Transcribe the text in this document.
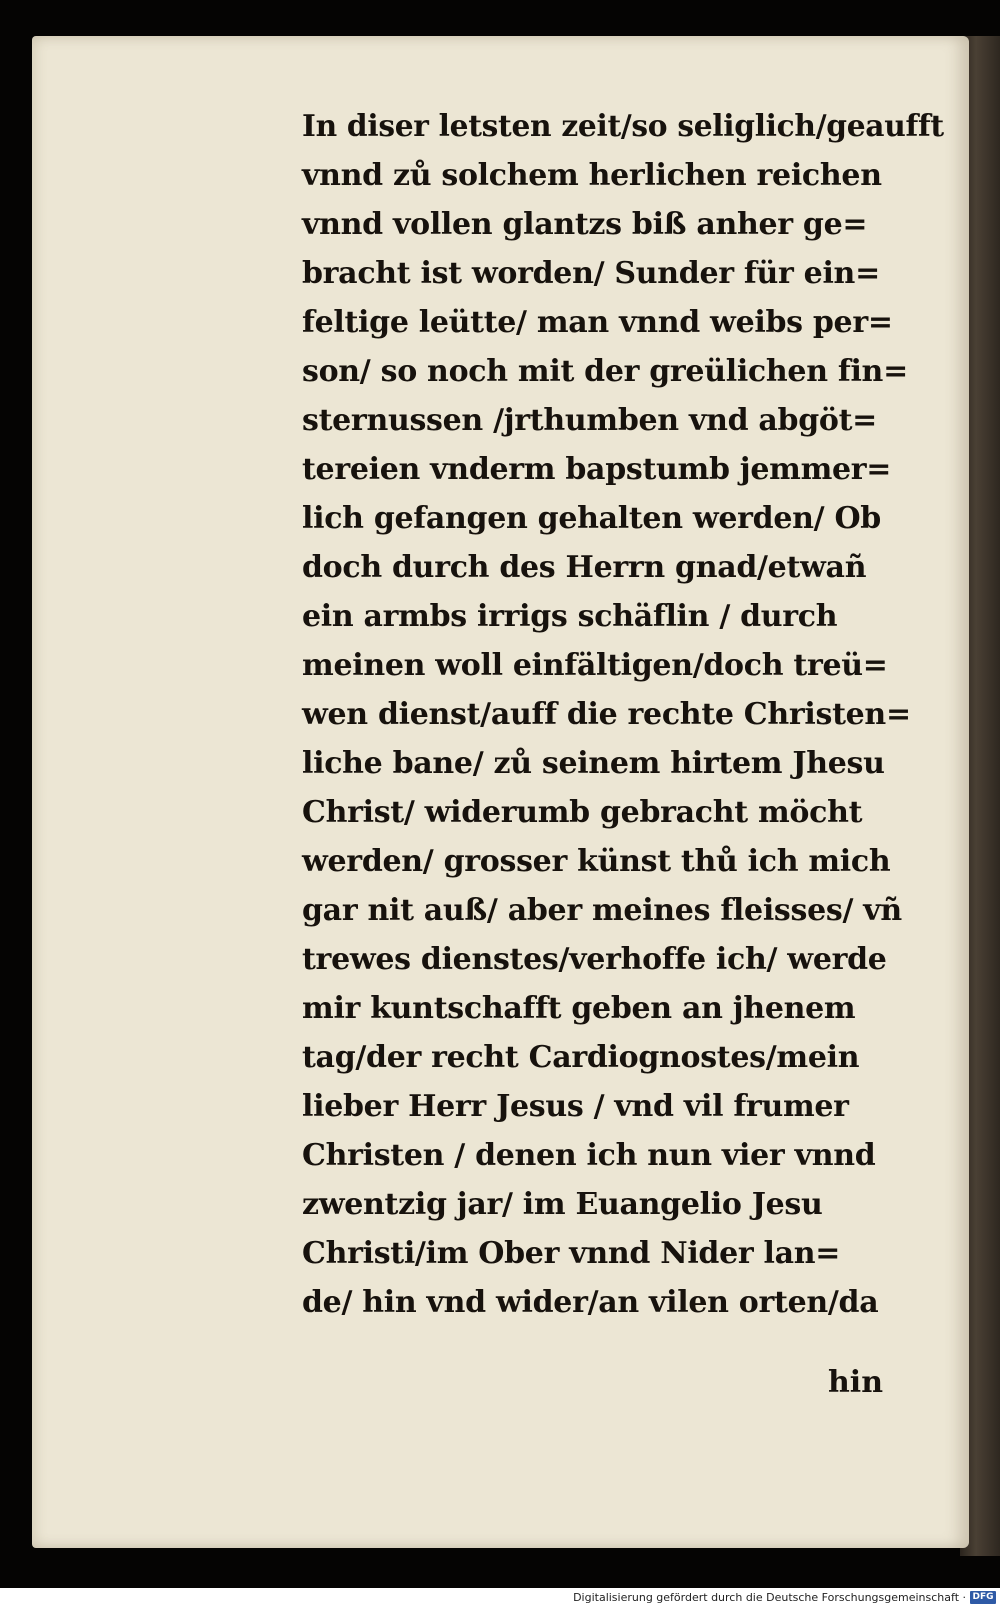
In diser letsten zeit/so seliglich/geaufft
vnnd zů solchem herlichen reichen
vnnd vollen glantzs biß anher ge=
bracht ist worden/ Sunder für ein=
feltige leütte/ man vnnd weibs per=
son/ so noch mit der greülichen fin=
sternussen /jrthumben vnd abgöt=
tereien vnderm bapstumb jemmer=
lich gefangen gehalten werden/ Ob
doch durch des Herrn gnad/etwañ
ein armbs irrigs schäflin / durch
meinen woll einfältigen/doch treü=
wen dienst/auff die rechte Christen=
liche bane/ zů seinem hirtem Jhesu
Christ/ widerumb gebracht möcht
werden/ grosser künst thů ich mich
gar nit auß/ aber meines fleisses/ vñ
trewes dienstes/verhoffe ich/ werde
mir kuntschafft geben an jhenem
tag/der recht Cardiognostes/mein
lieber Herr Jesus / vnd vil frumer
Christen / denen ich nun vier vnnd
zwentzig jar/ im Euangelio Jesu
Christi/im Ober vnnd Nider lan=
de/ hin vnd wider/an vilen orten/da
hin
Digitalisierung gefördert durch die Deutsche Forschungsgemeinschaft · DFG
